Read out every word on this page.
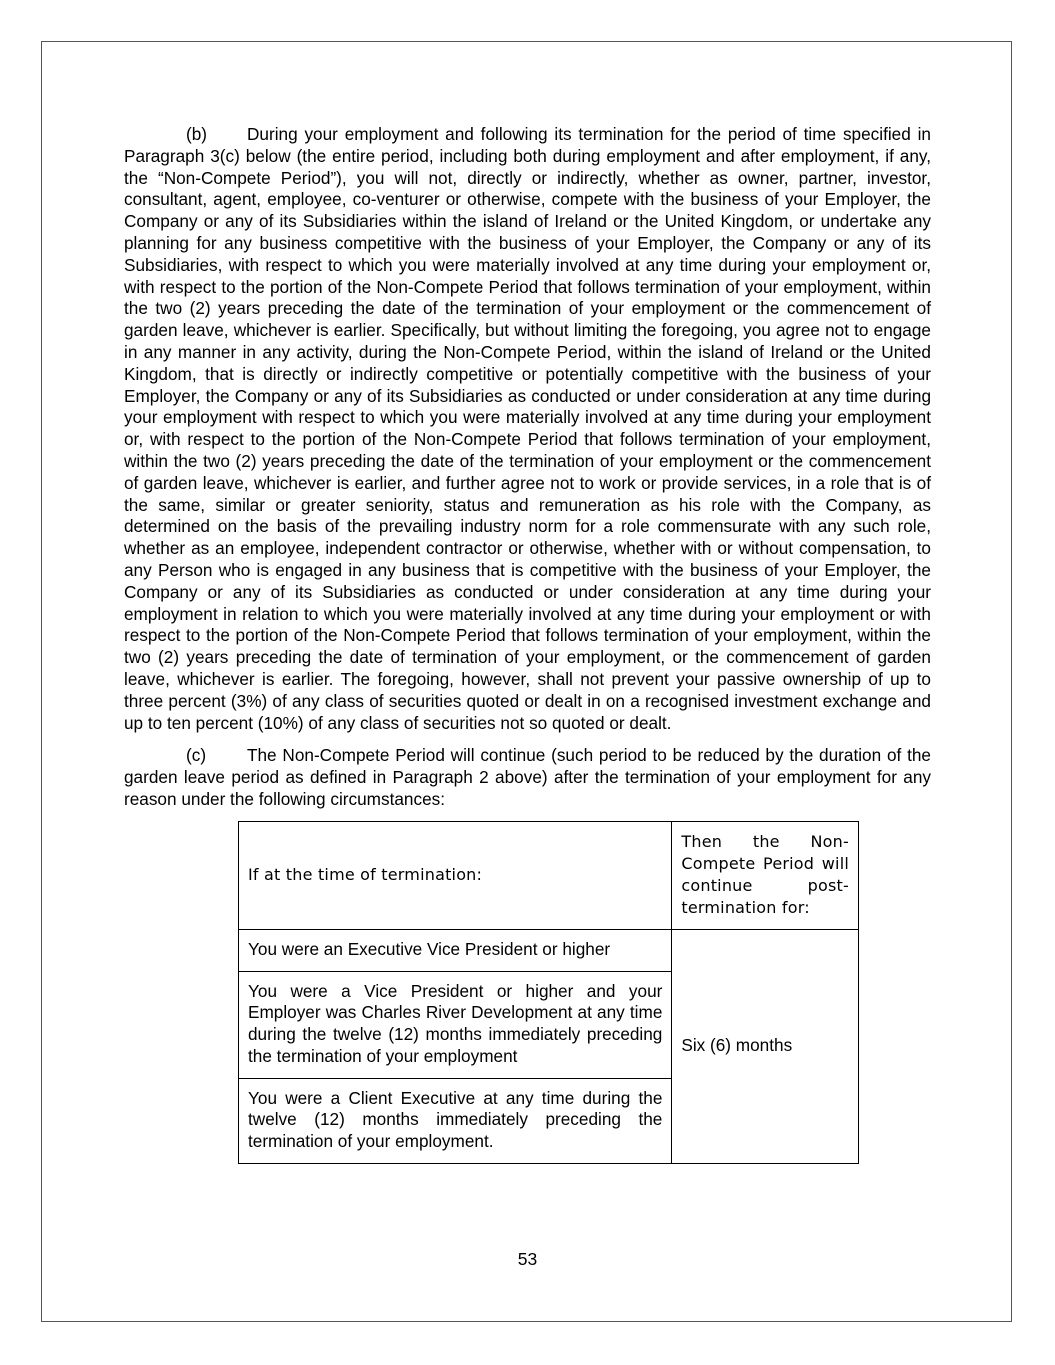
(b) During your employment and following its termination for the period of time specified in Paragraph 3(c) below (the entire period, including both during employment and after employment, if any, the “Non-Compete Period”), you will not, directly or indirectly, whether as owner, partner, investor, consultant, agent, employee, co-venturer or otherwise, compete with the business of your Employer, the Company or any of its Subsidiaries within the island of Ireland or the United Kingdom, or undertake any planning for any business competitive with the business of your Employer, the Company or any of its Subsidiaries, with respect to which you were materially involved at any time during your employment or, with respect to the portion of the Non-Compete Period that follows termination of your employment, within the two (2) years preceding the date of the termination of your employment or the commencement of garden leave, whichever is earlier. Specifically, but without limiting the foregoing, you agree not to engage in any manner in any activity, during the Non-Compete Period, within the island of Ireland or the United Kingdom, that is directly or indirectly competitive or potentially competitive with the business of your Employer, the Company or any of its Subsidiaries as conducted or under consideration at any time during your employment with respect to which you were materially involved at any time during your employment or, with respect to the portion of the Non-Compete Period that follows termination of your employment, within the two (2) years preceding the date of the termination of your employment or the commencement of garden leave, whichever is earlier, and further agree not to work or provide services, in a role that is of the same, similar or greater seniority, status and remuneration as his role with the Company, as determined on the basis of the prevailing industry norm for a role commensurate with any such role, whether as an employee, independent contractor or otherwise, whether with or without compensation, to any Person who is engaged in any business that is competitive with the business of your Employer, the Company or any of its Subsidiaries as conducted or under consideration at any time during your employment in relation to which you were materially involved at any time during your employment or with respect to the portion of the Non-Compete Period that follows termination of your employment, within the two (2) years preceding the date of termination of your employment, or the commencement of garden leave, whichever is earlier. The foregoing, however, shall not prevent your passive ownership of up to three percent (3%) of any class of securities quoted or dealt in on a recognised investment exchange and up to ten percent (10%) of any class of securities not so quoted or dealt.

(c) The Non-Compete Period will continue (such period to be reduced by the duration of the garden leave period as defined in Paragraph 2 above) after the termination of your employment for any reason under the following circumstances:

If at the time of termination:	Then the Non-Compete Period will continue post-termination for:
You were an Executive Vice President or higher	Six (6) months
You were a Vice President or higher and your Employer was Charles River Development at any time during the twelve (12) months immediately preceding the termination of your employment	
You were a Client Executive at any time during the twelve (12) months immediately preceding the termination of your employment.	
53
